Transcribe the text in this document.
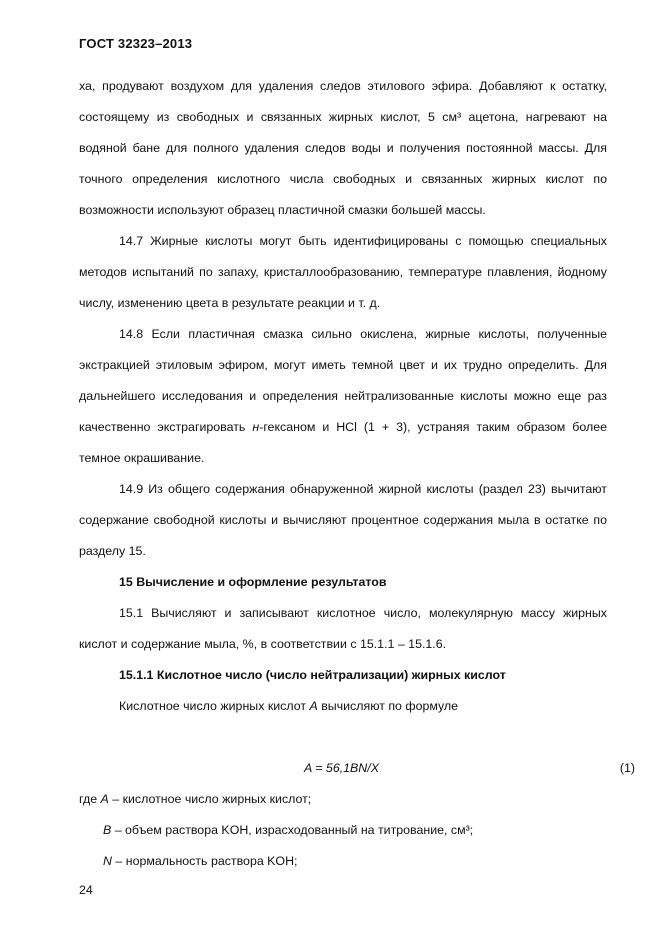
ГОСТ 32323–2013

ха, продувают воздухом для удаления следов этилового эфира. Добавляют к остатку, состоящему из свободных и связанных жирных кислот, 5 см³ ацетона, нагревают на водяной бане для полного удаления следов воды и получения постоянной массы. Для точного определения кислотного числа свободных и связанных жирных кислот по возможности используют образец пластичной смазки большей массы.

14.7 Жирные кислоты могут быть идентифицированы с помощью специальных методов испытаний по запаху, кристаллообразованию, температуре плавления, йодному числу, изменению цвета в результате реакции и т. д.

14.8 Если пластичная смазка сильно окислена, жирные кислоты, полученные экстракцией этиловым эфиром, могут иметь темной цвет и их трудно определить. Для дальнейшего исследования и определения нейтрализованные кислоты можно еще раз качественно экстрагировать н-гексаном и HCl (1 + 3), устраняя таким образом более темное окрашивание.

14.9 Из общего содержания обнаруженной жирной кислоты (раздел 23) вычитают содержание свободной кислоты и вычисляют процентное содержания мыла в остатке по разделу 15.

15 Вычисление и оформление результатов

15.1 Вычисляют и записывают кислотное число, молекулярную массу жирных кислот и содержание мыла, %, в соответствии с 15.1.1 – 15.1.6.

15.1.1 Кислотное число (число нейтрализации) жирных кислот

Кислотное число жирных кислот А вычисляют по формуле

A = 56,1BN/X	(1)

где A – кислотное число жирных кислот;

B – объем раствора KOH, израсходованный на титрование, см³;

N – нормальность раствора KOH;

24
